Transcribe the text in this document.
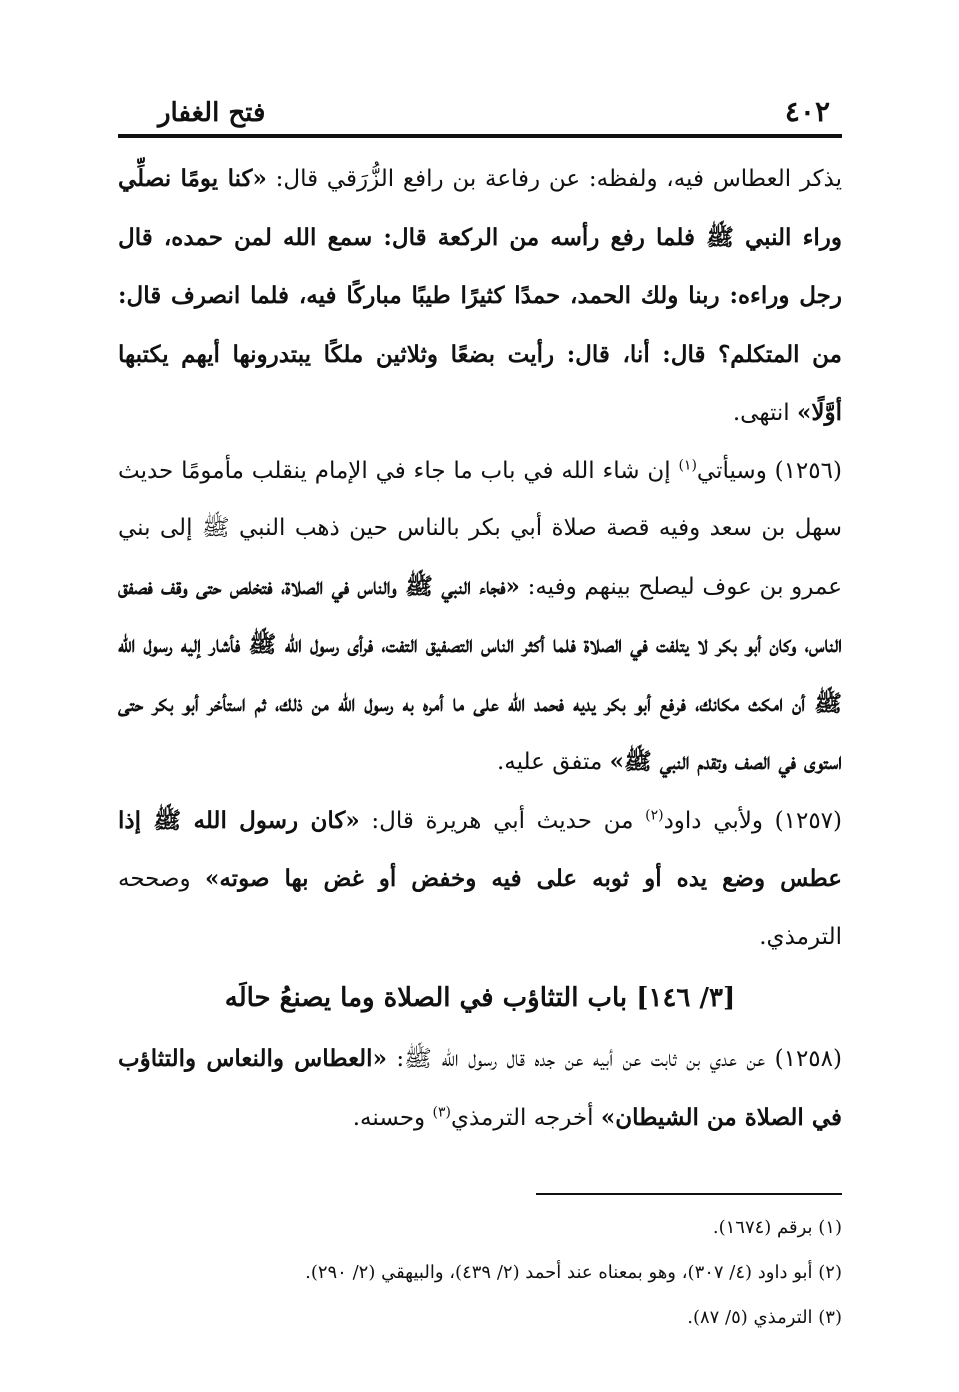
٤٠٢
فتح الغفار

يذكر العطاس فيه، ولفظه: عن رفاعة بن رافع الزُّرَقي قال: «كنا يومًا نصلِّي وراء النبي ﷺ فلما رفع رأسه من الركعة قال: سمع الله لمن حمده، قال رجل وراءه: ربنا ولك الحمد، حمدًا كثيرًا طيبًا مباركًا فيه، فلما انصرف قال: من المتكلم؟ قال: أنا، قال: رأيت بضعًا وثلاثين ملكًا يبتدرونها أيهم يكتبها أوَّلًا» انتهى.

(١٢٥٦) وسيأتي$^{(١)}$ إن شاء الله في باب ما جاء في الإمام ينقلب مأمومًا حديث سهل بن سعد وفيه قصة صلاة أبي بكر بالناس حين ذهب النبي ﷺ إلى بني عمرو بن عوف ليصلح بينهم وفيه: «فجاء النبي ﷺ والناس في الصلاة، فتخلص حتى وقف فصفق الناس، وكان أبو بكر لا يتلفت في الصلاة فلما أكثر الناس التصفيق التفت، فرأى رسول الله ﷺ فأشار إليه رسول الله ﷺ أن امكث مكانك، فرفع أبو بكر يديه فحمد الله على ما أمره به رسول الله من ذلك، ثم استأخر أبو بكر حتى استوى في الصف وتقدم النبي ﷺ» متفق عليه.

(١٢٥٧) ولأبي داود$^{(٢)}$ من حديث أبي هريرة قال: «كان رسول الله ﷺ إذا عطس وضع يده أو ثوبه على فيه وخفض أو غض بها صوته» وصححه الترمذي.

[٣/ ١٤٦] باب التثاؤب في الصلاة وما يصنعُ حالَه

(١٢٥٨) عن عدي بن ثابت عن أبيه عن جده قال رسول الله ﷺ: «العطاس والنعاس والتثاؤب في الصلاة من الشيطان» أخرجه الترمذي$^{(٣)}$ وحسنه.

(١) برقم (١٦٧٤).

(٢) أبو داود (٤/ ٣٠٧)، وهو بمعناه عند أحمد (٢/ ٤٣٩)، والبيهقي (٢/ ٢٩٠).

(٣) الترمذي (٥/ ٨٧).
